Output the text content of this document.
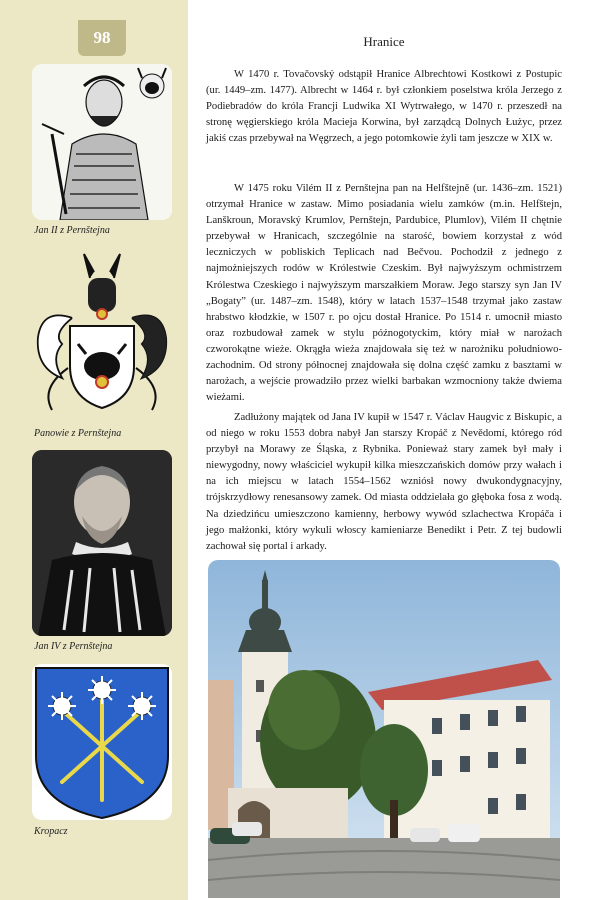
98
Jan II z Pernštejna
Panowie z Pernštejna
Jan IV z Pernštejna
Kropacz
Hranice

W 1470 r. Tovačovský odstąpił Hranice Albrechtowi Kostkowi z Postupic (ur. 1449–zm. 1477). Albrecht w 1464 r. był członkiem poselstwa króla Jerzego z Podiebradów do króla Francji Ludwika XI Wytrwałego, w 1470 r. przeszedł na stronę węgierskiego króla Macieja Korwina, był zarządcą Dolnych Łużyc, przez jakiś czas przebywał na Węgrzech, a jego potomkowie żyli tam jeszcze w XIX w.

W 1475 roku Vilém II z Pernštejna pan na Helfštejně (ur. 1436–zm. 1521) otrzymał Hranice w zastaw. Mimo posiadania wielu zamków (m.in. Helfštejn, Lanškroun, Moravský Krumlov, Pernštejn, Pardubice, Plumlov), Vilém II chętnie przebywał w Hranicach, szczególnie na starość, bowiem korzystał z wód leczniczych w pobliskich Teplicach nad Bečvou. Pochodził z jednego z najmożniejszych rodów w Królestwie Czeskim. Był najwyższym ochmistrzem Królestwa Czeskiego i najwyższym marszałkiem Moraw. Jego starszy syn Jan IV „Bogaty” (ur. 1487–zm. 1548), który w latach 1537–1548 trzymał jako zastaw hrabstwo kłodzkie, w 1507 r. po ojcu dostał Hranice. Po 1514 r. umocnił miasto oraz rozbudował zamek w stylu późnogotyckim, który miał w narożach czworokątne wieże. Okrągła wieża znajdowała się też w narożniku południowo-zachodnim. Od strony północnej znajdowała się dolna część zamku z basztami w narożach, a wejście prowadziło przez wielki barbakan wzmocniony także dwiema wieżami.

Zadłużony majątek od Jana IV kupił w 1547 r. Václav Haugvic z Biskupic, a od niego w roku 1553 dobra nabył Jan starszy Kropáč z Nevědomí, którego ród przybył na Morawy ze Śląska, z Rybnika. Ponieważ stary zamek był mały i niewygodny, nowy właściciel wykupił kilka mieszczańskich domów przy wałach i na ich miejscu w latach 1554–1562 wzniósł nowy dwukondygnacyjny, trójskrzydłowy renesansowy zamek. Od miasta oddzielała go głęboka fosa z wodą. Na dziedzińcu umieszczono kamienny, herbowy wywód szlachectwa Kropáča i jego małżonki, który wykuli włoscy kamieniarze Benedikt i Petr. Z tej budowli zachował się portal i arkady.
